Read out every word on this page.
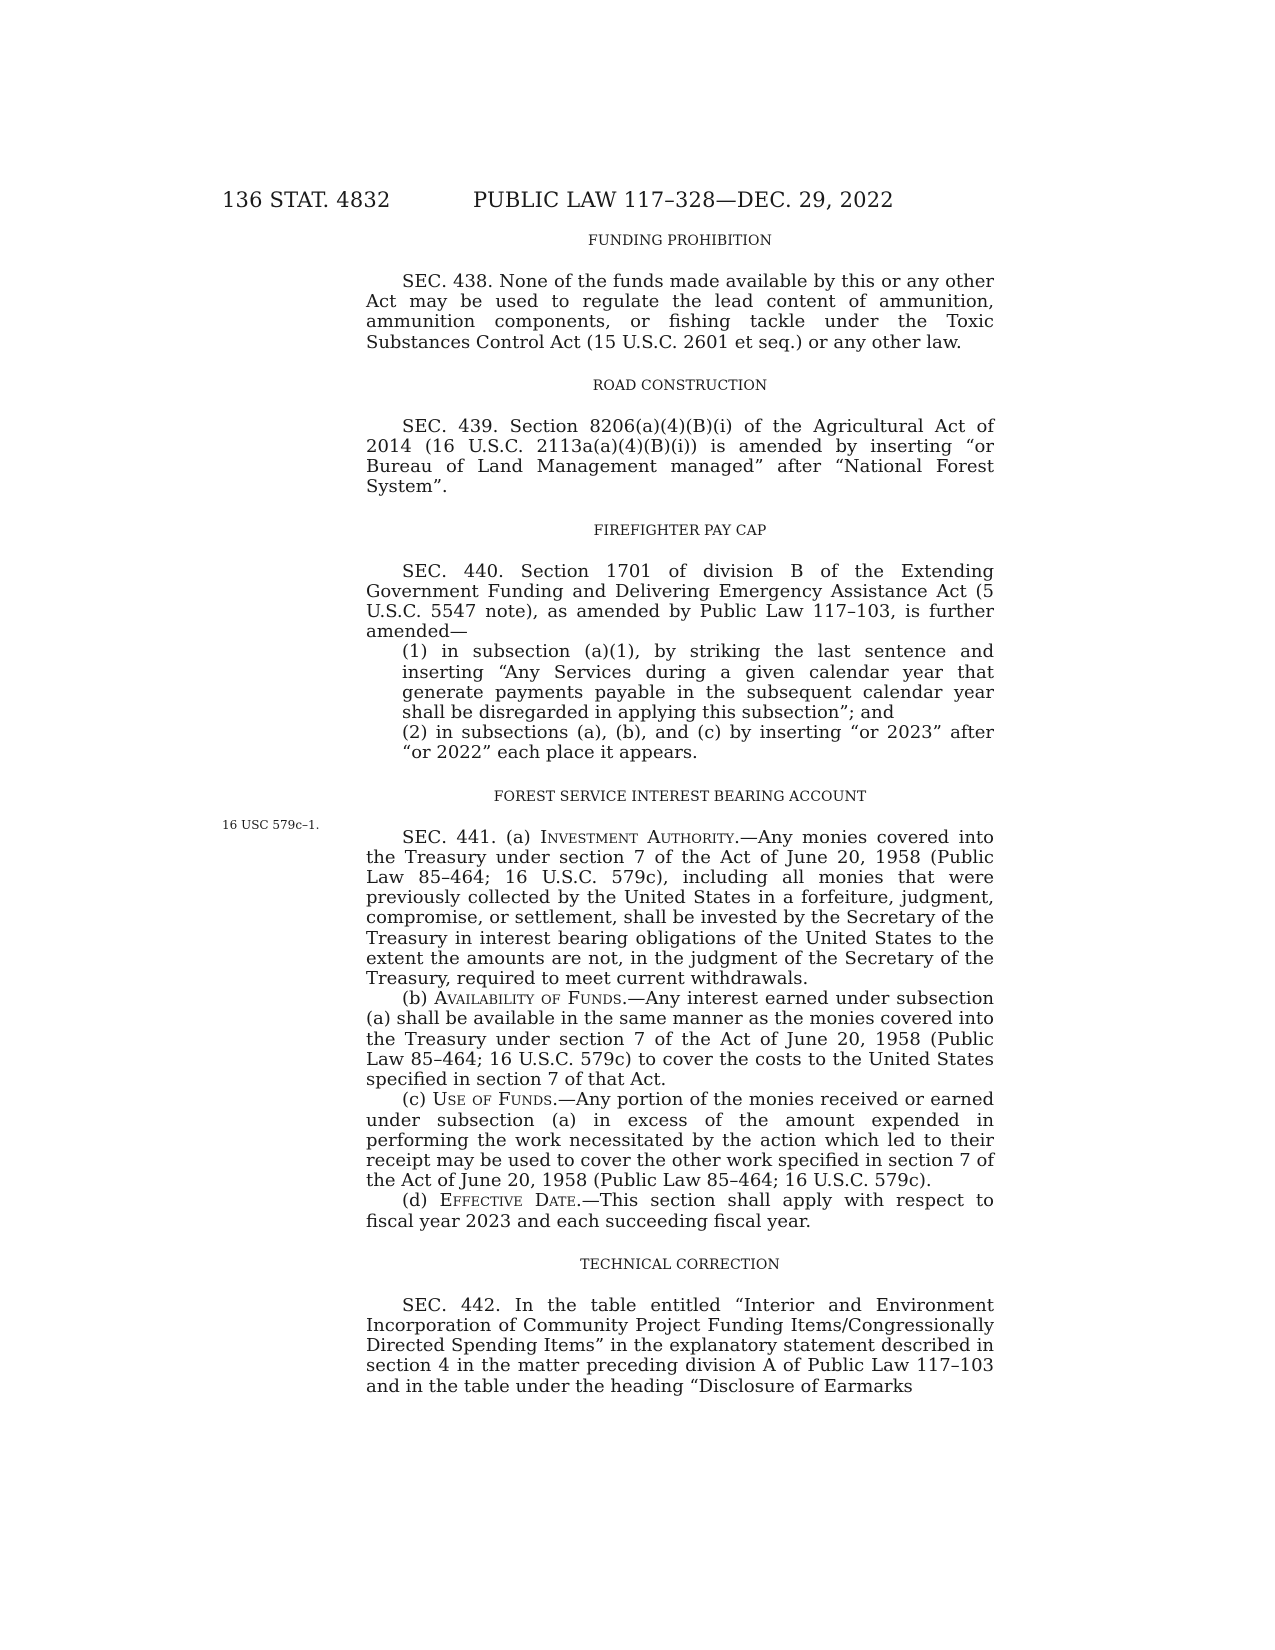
136 STAT. 4832	PUBLIC LAW 117–328—DEC. 29, 2022
16 USC 579c–1.
FUNDING PROHIBITION

SEC. 438. None of the funds made available by this or any other Act may be used to regulate the lead content of ammunition, ammunition components, or fishing tackle under the Toxic Substances Control Act (15 U.S.C. 2601 et seq.) or any other law.

ROAD CONSTRUCTION

SEC. 439. Section 8206(a)(4)(B)(i) of the Agricultural Act of 2014 (16 U.S.C. 2113a(a)(4)(B)(i)) is amended by inserting “or Bureau of Land Management managed” after “National Forest System”.

FIREFIGHTER PAY CAP

SEC. 440. Section 1701 of division B of the Extending Government Funding and Delivering Emergency Assistance Act (5 U.S.C. 5547 note), as amended by Public Law 117–103, is further amended—

(1) in subsection (a)(1), by striking the last sentence and inserting “Any Services during a given calendar year that generate payments payable in the subsequent calendar year shall be disregarded in applying this subsection”; and

(2) in subsections (a), (b), and (c) by inserting “or 2023” after “or 2022” each place it appears.

FOREST SERVICE INTEREST BEARING ACCOUNT

SEC. 441. (a) Investment Authority.—Any monies covered into the Treasury under section 7 of the Act of June 20, 1958 (Public Law 85–464; 16 U.S.C. 579c), including all monies that were previously collected by the United States in a forfeiture, judgment, compromise, or settlement, shall be invested by the Secretary of the Treasury in interest bearing obligations of the United States to the extent the amounts are not, in the judgment of the Secretary of the Treasury, required to meet current withdrawals.

(b) Availability of Funds.—Any interest earned under subsection (a) shall be available in the same manner as the monies covered into the Treasury under section 7 of the Act of June 20, 1958 (Public Law 85–464; 16 U.S.C. 579c) to cover the costs to the United States specified in section 7 of that Act.

(c) Use of Funds.—Any portion of the monies received or earned under subsection (a) in excess of the amount expended in performing the work necessitated by the action which led to their receipt may be used to cover the other work specified in section 7 of the Act of June 20, 1958 (Public Law 85–464; 16 U.S.C. 579c).

(d) Effective Date.—This section shall apply with respect to fiscal year 2023 and each succeeding fiscal year.

TECHNICAL CORRECTION

SEC. 442. In the table entitled “Interior and Environment Incorporation of Community Project Funding Items/Congressionally Directed Spending Items” in the explanatory statement described in section 4 in the matter preceding division A of Public Law 117–103 and in the table under the heading “Disclosure of Earmarks
